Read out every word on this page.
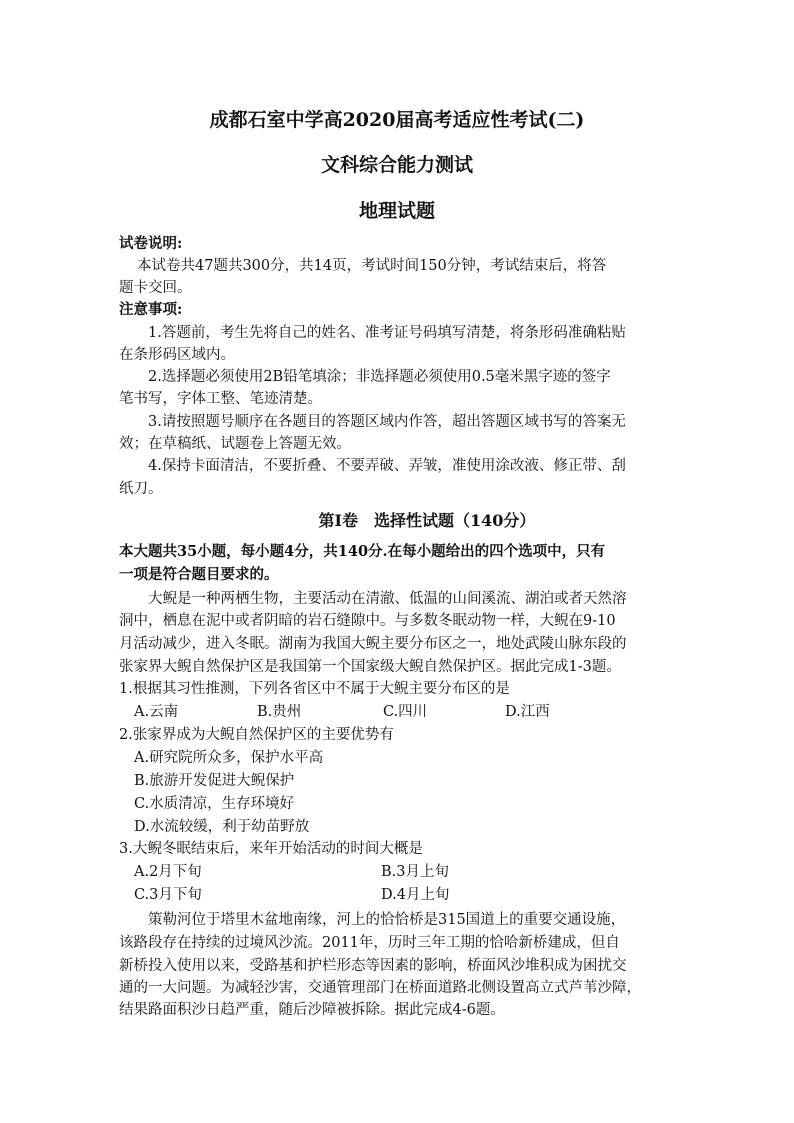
成都石室中学高2020届高考适应性考试(二)
文科综合能力测试
地理试题
试卷说明:
本试卷共47题共300分，共14页，考试时间150分钟，考试结束后，将答
题卡交回。
注意事项:
1.答题前，考生先将自己的姓名、准考证号码填写清楚，将条形码准确粘贴
在条形码区域内。
2.选择题必须使用2B铅笔填涂；非选择题必须使用0.5毫米黑字迹的签字
笔书写，字体工整、笔迹清楚。
3.请按照题号顺序在各题目的答题区域内作答，超出答题区域书写的答案无
效；在草稿纸、试题卷上答题无效。
4.保持卡面清洁，不要折叠、不要弄破、弄皱，准使用涂改液、修正带、刮
纸刀。
第Ⅰ卷　选择性试题（140分）
本大题共35小题，每小题4分，共140分.在每小题给出的四个选项中，只有
一项是符合题目要求的。
大鲵是一种两栖生物，主要活动在清澈、低温的山间溪流、湖泊或者天然溶
洞中，栖息在泥中或者阴暗的岩石缝隙中。与多数冬眠动物一样，大鲵在9-10
月活动减少，进入冬眠。湖南为我国大鲵主要分布区之一，地处武陵山脉东段的
张家界大鲵自然保护区是我国第一个国家级大鲵自然保护区。据此完成1-3题。
1.根据其习性推测，下列各省区中不属于大鲵主要分布区的是
A.云南	B.贵州	C.四川	D.江西
2.张家界成为大鲵自然保护区的主要优势有
A.研究院所众多，保护水平高
B.旅游开发促进大鲵保护
C.水质清凉，生存环境好
D.水流较缓，利于幼苗野放
3.大鲵冬眠结束后，来年开始活动的时间大概是
A.2月下旬	B.3月上旬
C.3月下旬	D.4月上旬
策勒河位于塔里木盆地南缘，河上的恰恰桥是315国道上的重要交通设施，
该路段存在持续的过境风沙流。2011年，历时三年工期的恰哈新桥建成，但自
新桥投入使用以来，受路基和护栏形态等因素的影响，桥面风沙堆积成为困扰交
通的一大问题。为减轻沙害，交通管理部门在桥面道路北侧设置高立式芦苇沙障，
结果路面积沙日趋严重，随后沙障被拆除。据此完成4-6题。
